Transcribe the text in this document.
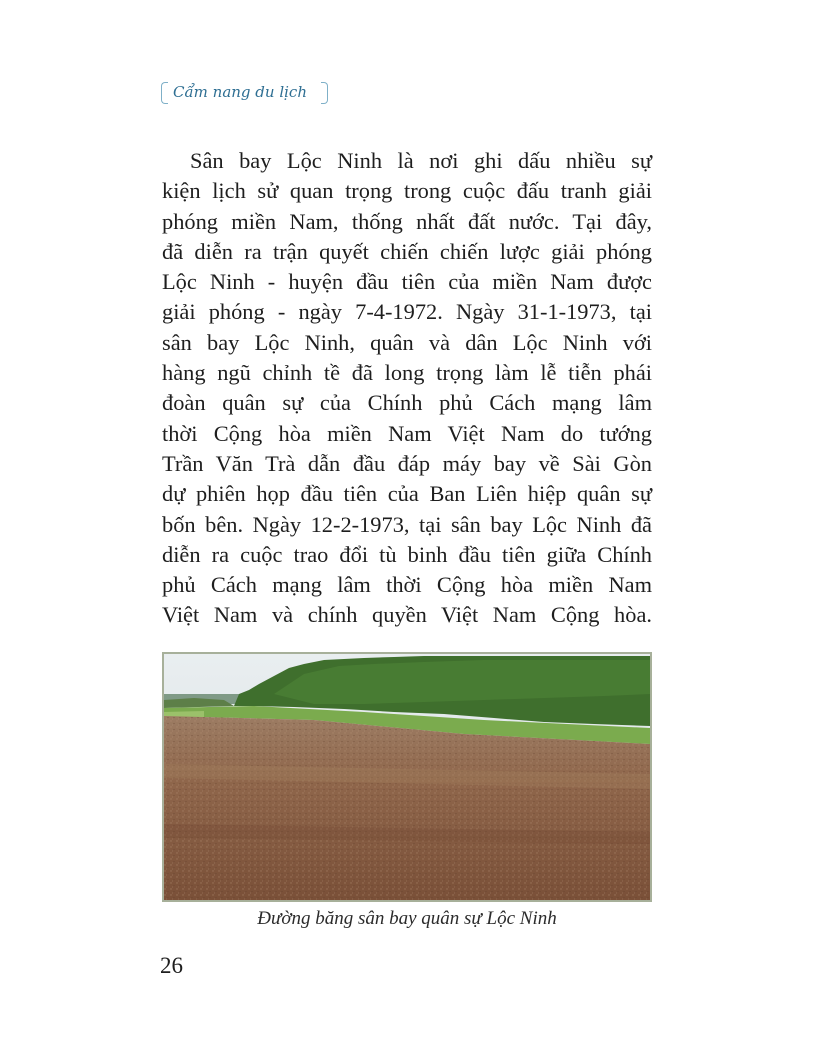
Cẩm nang du lịch
Sân bay Lộc Ninh là nơi ghi dấu nhiều sự
kiện lịch sử quan trọng trong cuộc đấu tranh giải
phóng miền Nam, thống nhất đất nước. Tại đây,
đã diễn ra trận quyết chiến chiến lược giải phóng
Lộc Ninh - huyện đầu tiên của miền Nam được
giải phóng - ngày 7-4-1972. Ngày 31-1-1973, tại
sân bay Lộc Ninh, quân và dân Lộc Ninh với
hàng ngũ chỉnh tề đã long trọng làm lễ tiễn phái
đoàn quân sự của Chính phủ Cách mạng lâm
thời Cộng hòa miền Nam Việt Nam do tướng
Trần Văn Trà dẫn đầu đáp máy bay về Sài Gòn
dự phiên họp đầu tiên của Ban Liên hiệp quân sự
bốn bên. Ngày 12-2-1973, tại sân bay Lộc Ninh đã
diễn ra cuộc trao đổi tù binh đầu tiên giữa Chính
phủ Cách mạng lâm thời Cộng hòa miền Nam
Việt Nam và chính quyền Việt Nam Cộng hòa.
Đường băng sân bay quân sự Lộc Ninh
26
